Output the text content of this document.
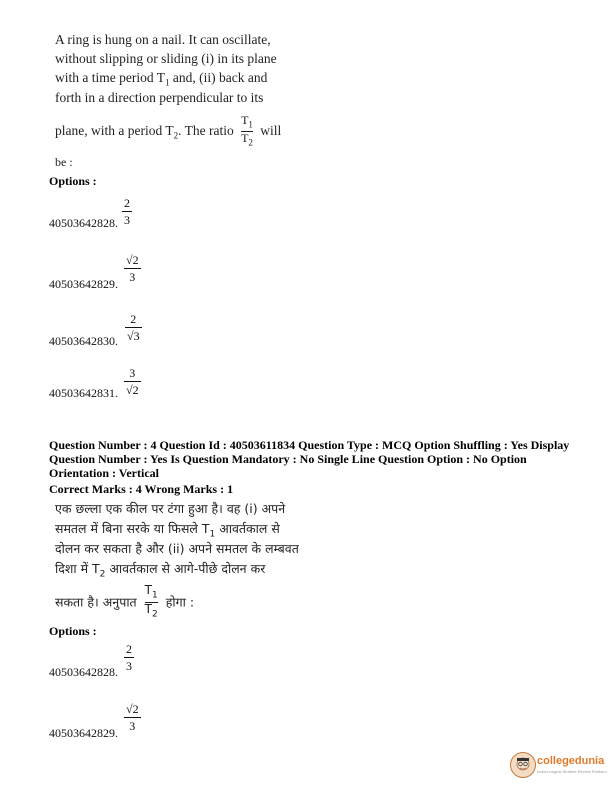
A ring is hung on a nail. It can oscillate,
without slipping or sliding (i) in its plane
with a time period $T_1$ and, (ii) back and
forth in a direction perpendicular to its
plane, with a period $T_2$. The ratio $\frac{T_1}{T_2}$ will
be :
Options :
2
3
40503642828.
√2
3
40503642829.
2
√3
40503642830.
3
√2
40503642831.
Question Number : 4 Question Id : 40503611834 Question Type : MCQ Option Shuffling : Yes Display
Question Number : Yes Is Question Mandatory : No Single Line Question Option : No Option
Orientation : Vertical
Correct Marks : 4 Wrong Marks : 1
एक छल्ला एक कील पर टंगा हुआ है। वह (i) अपने
समतल में बिना सरके या फिसले $T_1$ आवर्तकाल से
दोलन कर सकता है और (ii) अपने समतल के लम्बवत
दिशा में $T_2$ आवर्तकाल से आगे-पीछे दोलन कर
सकता है। अनुपात $\frac{T_1}{T_2}$ होगा :
Options :
2
3
40503642828.
√2
3
40503642829.
collegedunia
India's largest Student Review Platform
